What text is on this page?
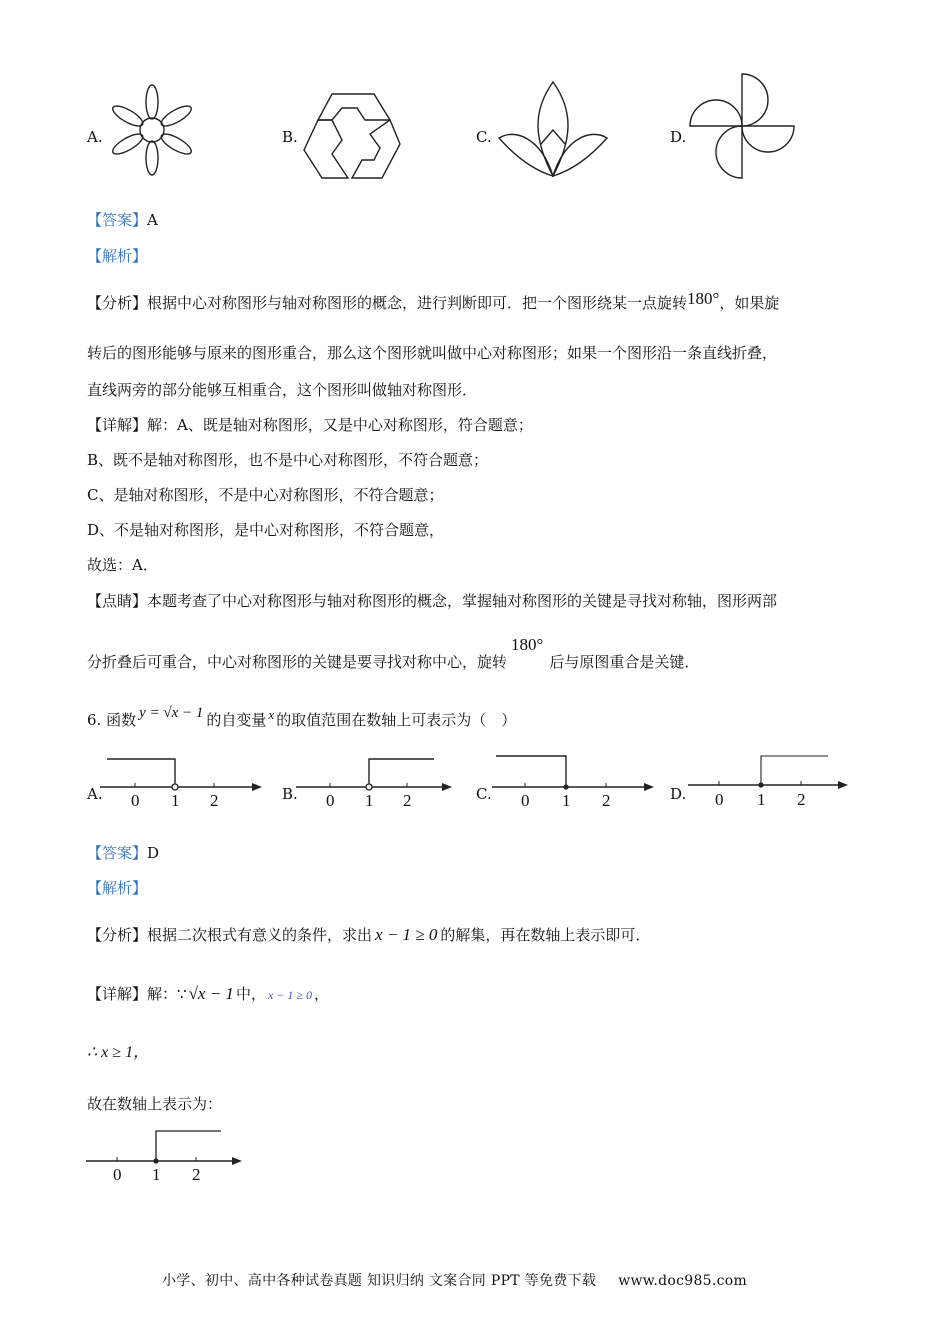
A.	B.	C.	D.
【答案】A
【解析】
【分析】根据中心对称图形与轴对称图形的概念，进行判断即可．把一个图形绕某一点旋转180°，如果旋
转后的图形能够与原来的图形重合，那么这个图形就叫做中心对称图形；如果一个图形沿一条直线折叠，
直线两旁的部分能够互相重合，这个图形叫做轴对称图形．
【详解】解：A、既是轴对称图形，又是中心对称图形，符合题意；
B、既不是轴对称图形，也不是中心对称图形，不符合题意；
C、是轴对称图形，不是中心对称图形，不符合题意；
D、不是轴对称图形，是中心对称图形，不符合题意，
故选：A．
【点睛】本题考查了中心对称图形与轴对称图形的概念，掌握轴对称图形的关键是寻找对称轴，图形两部
分折叠后可重合，中心对称图形的关键是要寻找对称中心，旋转180°后与原图重合是关键．
6. 函数 y = √x − 1 的自变量 x 的取值范围在数轴上可表示为（　）
A. 0 1 2	B. 0 1 2	C. 0 1 2	D. 0 1 2
【答案】D
【解析】
【分析】根据二次根式有意义的条件，求出 x − 1 ≥ 0 的解集，再在数轴上表示即可．
【详解】解：∵ √x − 1 中， x − 1 ≥ 0 ，
∴ x ≥ 1，
故在数轴上表示为：
0 1 2
小学、初中、高中各种试卷真题 知识归纳 文案合同 PPT 等免费下载 www.doc985.com
